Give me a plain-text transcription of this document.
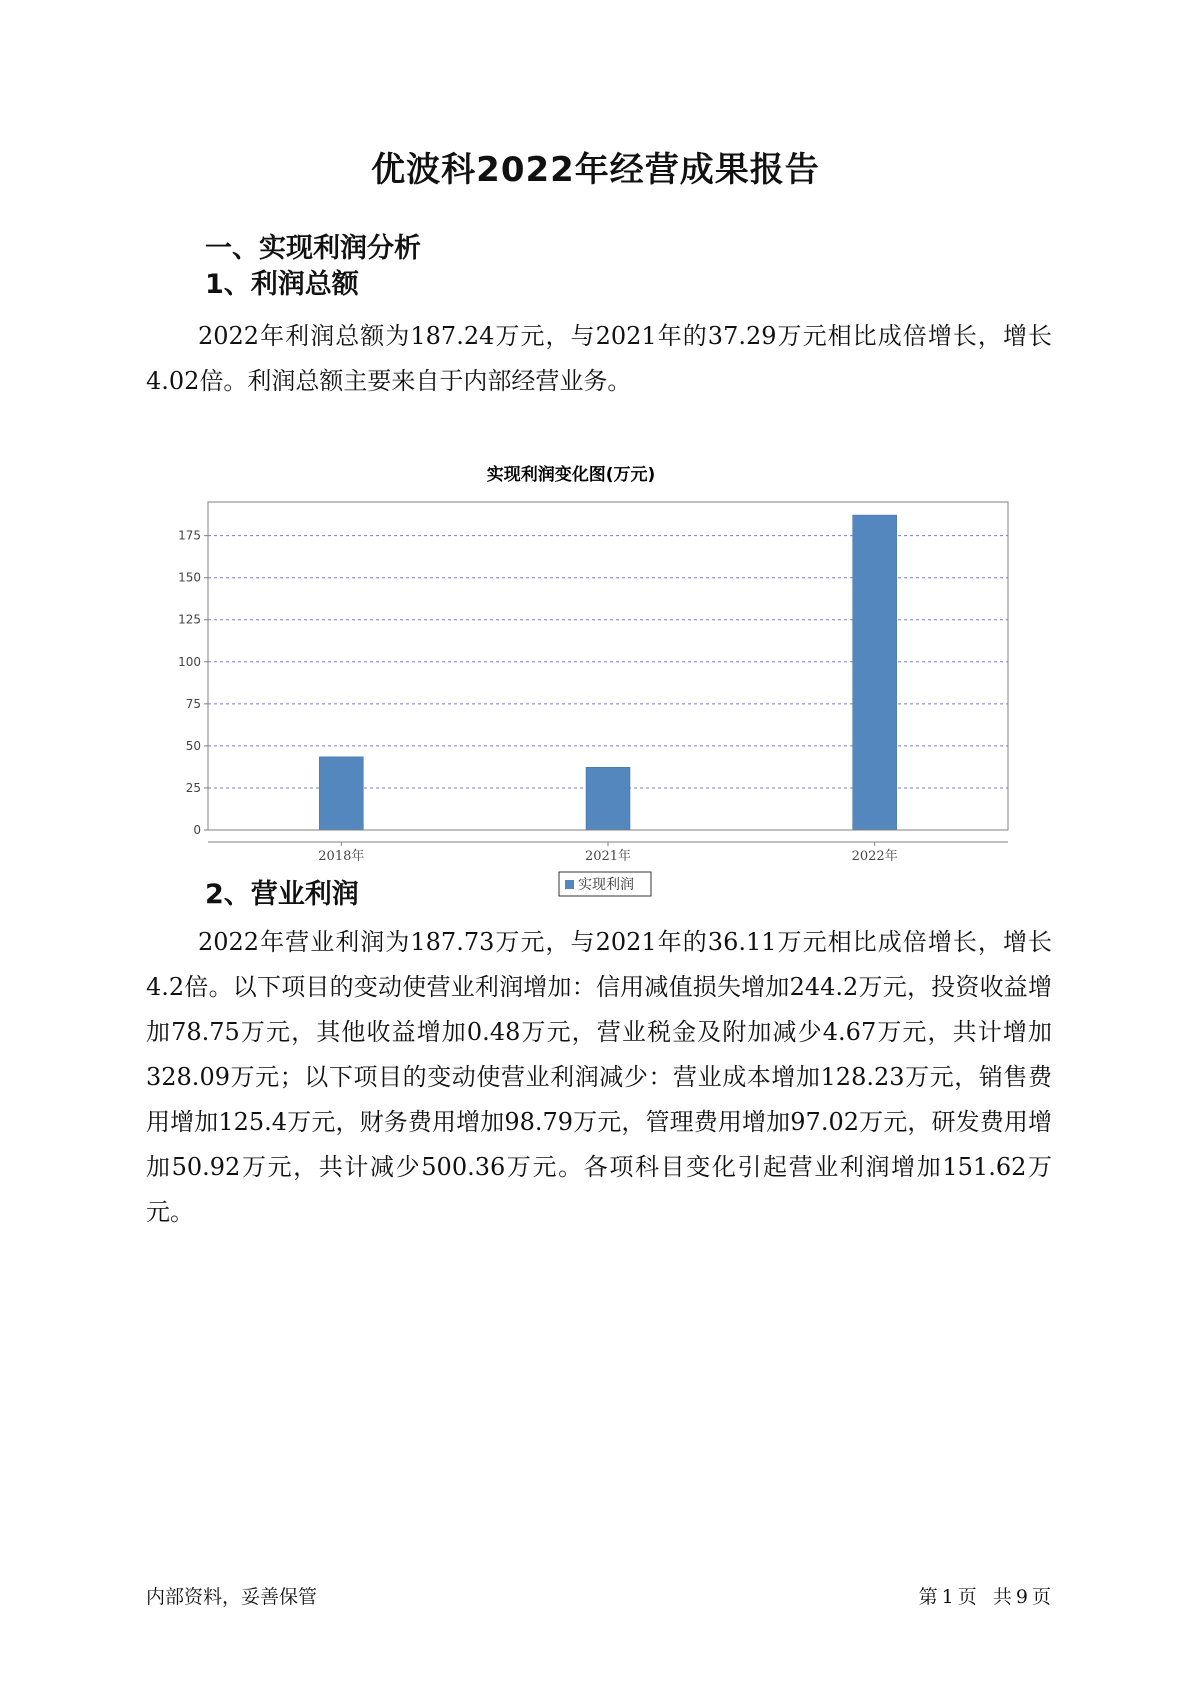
优波科2022年经营成果报告
一、实现利润分析
1、利润总额

2022年利润总额为187.24万元，与2021年的37.29万元相比成倍增长，增长4.02倍。利润总额主要来自于内部经营业务。

实现利润变化图(万元)
0
25
50
75
100
125
150
175
2018年	2021年	2022年
实现利润
2、营业利润

2022年营业利润为187.73万元，与2021年的36.11万元相比成倍增长，增长4.2倍。以下项目的变动使营业利润增加：信用减值损失增加244.2万元，投资收益增加78.75万元，其他收益增加0.48万元，营业税金及附加减少4.67万元，共计增加328.09万元；以下项目的变动使营业利润减少：营业成本增加128.23万元，销售费用增加125.4万元，财务费用增加98.79万元，管理费用增加97.02万元，研发费用增加50.92万元，共计减少500.36万元。各项科目变化引起营业利润增加151.62万元。

内部资料，妥善保管	第 1 页 共 9 页
